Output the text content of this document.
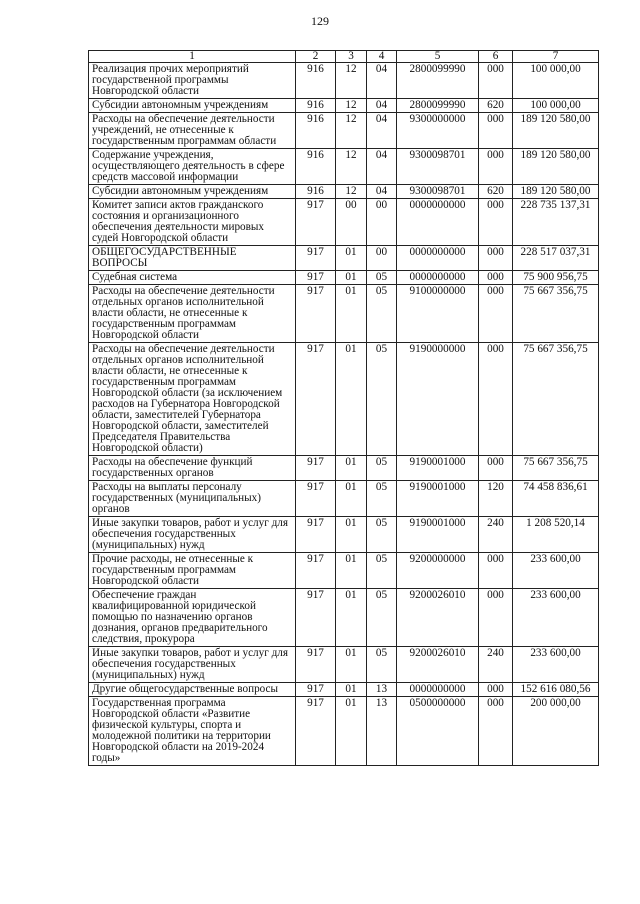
129
1	2	3	4	5	6	7
Реализация прочих мероприятий государственной программы Новгородской области	916	12	04	2800099990	000	100 000,00
Субсидии автономным учреждениям	916	12	04	2800099990	620	100 000,00
Расходы на обеспечение деятельности учреждений, не отнесенные к государственным программам области	916	12	04	9300000000	000	189 120 580,00
Содержание учреждения, осуществляющего деятельность в сфере средств массовой информации	916	12	04	9300098701	000	189 120 580,00
Субсидии автономным учреждениям	916	12	04	9300098701	620	189 120 580,00
Комитет записи актов гражданского состояния и организационного обеспечения деятельности мировых судей Новгородской области	917	00	00	0000000000	000	228 735 137,31
ОБЩЕГОСУДАРСТВЕННЫЕ ВОПРОСЫ	917	01	00	0000000000	000	228 517 037,31
Судебная система	917	01	05	0000000000	000	75 900 956,75
Расходы на обеспечение деятельности отдельных органов исполнительной власти области, не отнесенные к государственным программам Новгородской области	917	01	05	9100000000	000	75 667 356,75
Расходы на обеспечение деятельности отдельных органов исполнительной власти области, не отнесенные к государственным программам Новгородской области (за исключением расходов на Губернатора Новгородской области, заместителей Губернатора Новгородской области, заместителей Председателя Правительства Новгородской области)	917	01	05	9190000000	000	75 667 356,75
Расходы на обеспечение функций государственных органов	917	01	05	9190001000	000	75 667 356,75
Расходы на выплаты персоналу государственных (муниципальных) органов	917	01	05	9190001000	120	74 458 836,61
Иные закупки товаров, работ и услуг для обеспечения государственных (муниципальных) нужд	917	01	05	9190001000	240	1 208 520,14
Прочие расходы, не отнесенные к государственным программам Новгородской области	917	01	05	9200000000	000	233 600,00
Обеспечение граждан квалифицированной юридической помощью по назначению органов дознания, органов предварительного следствия, прокурора	917	01	05	9200026010	000	233 600,00
Иные закупки товаров, работ и услуг для обеспечения государственных (муниципальных) нужд	917	01	05	9200026010	240	233 600,00
Другие общегосударственные вопросы	917	01	13	0000000000	000	152 616 080,56
Государственная программа Новгородской области «Развитие физической культуры, спорта и молодежной политики на территории Новгородской области на 2019-2024 годы»	917	01	13	0500000000	000	200 000,00
